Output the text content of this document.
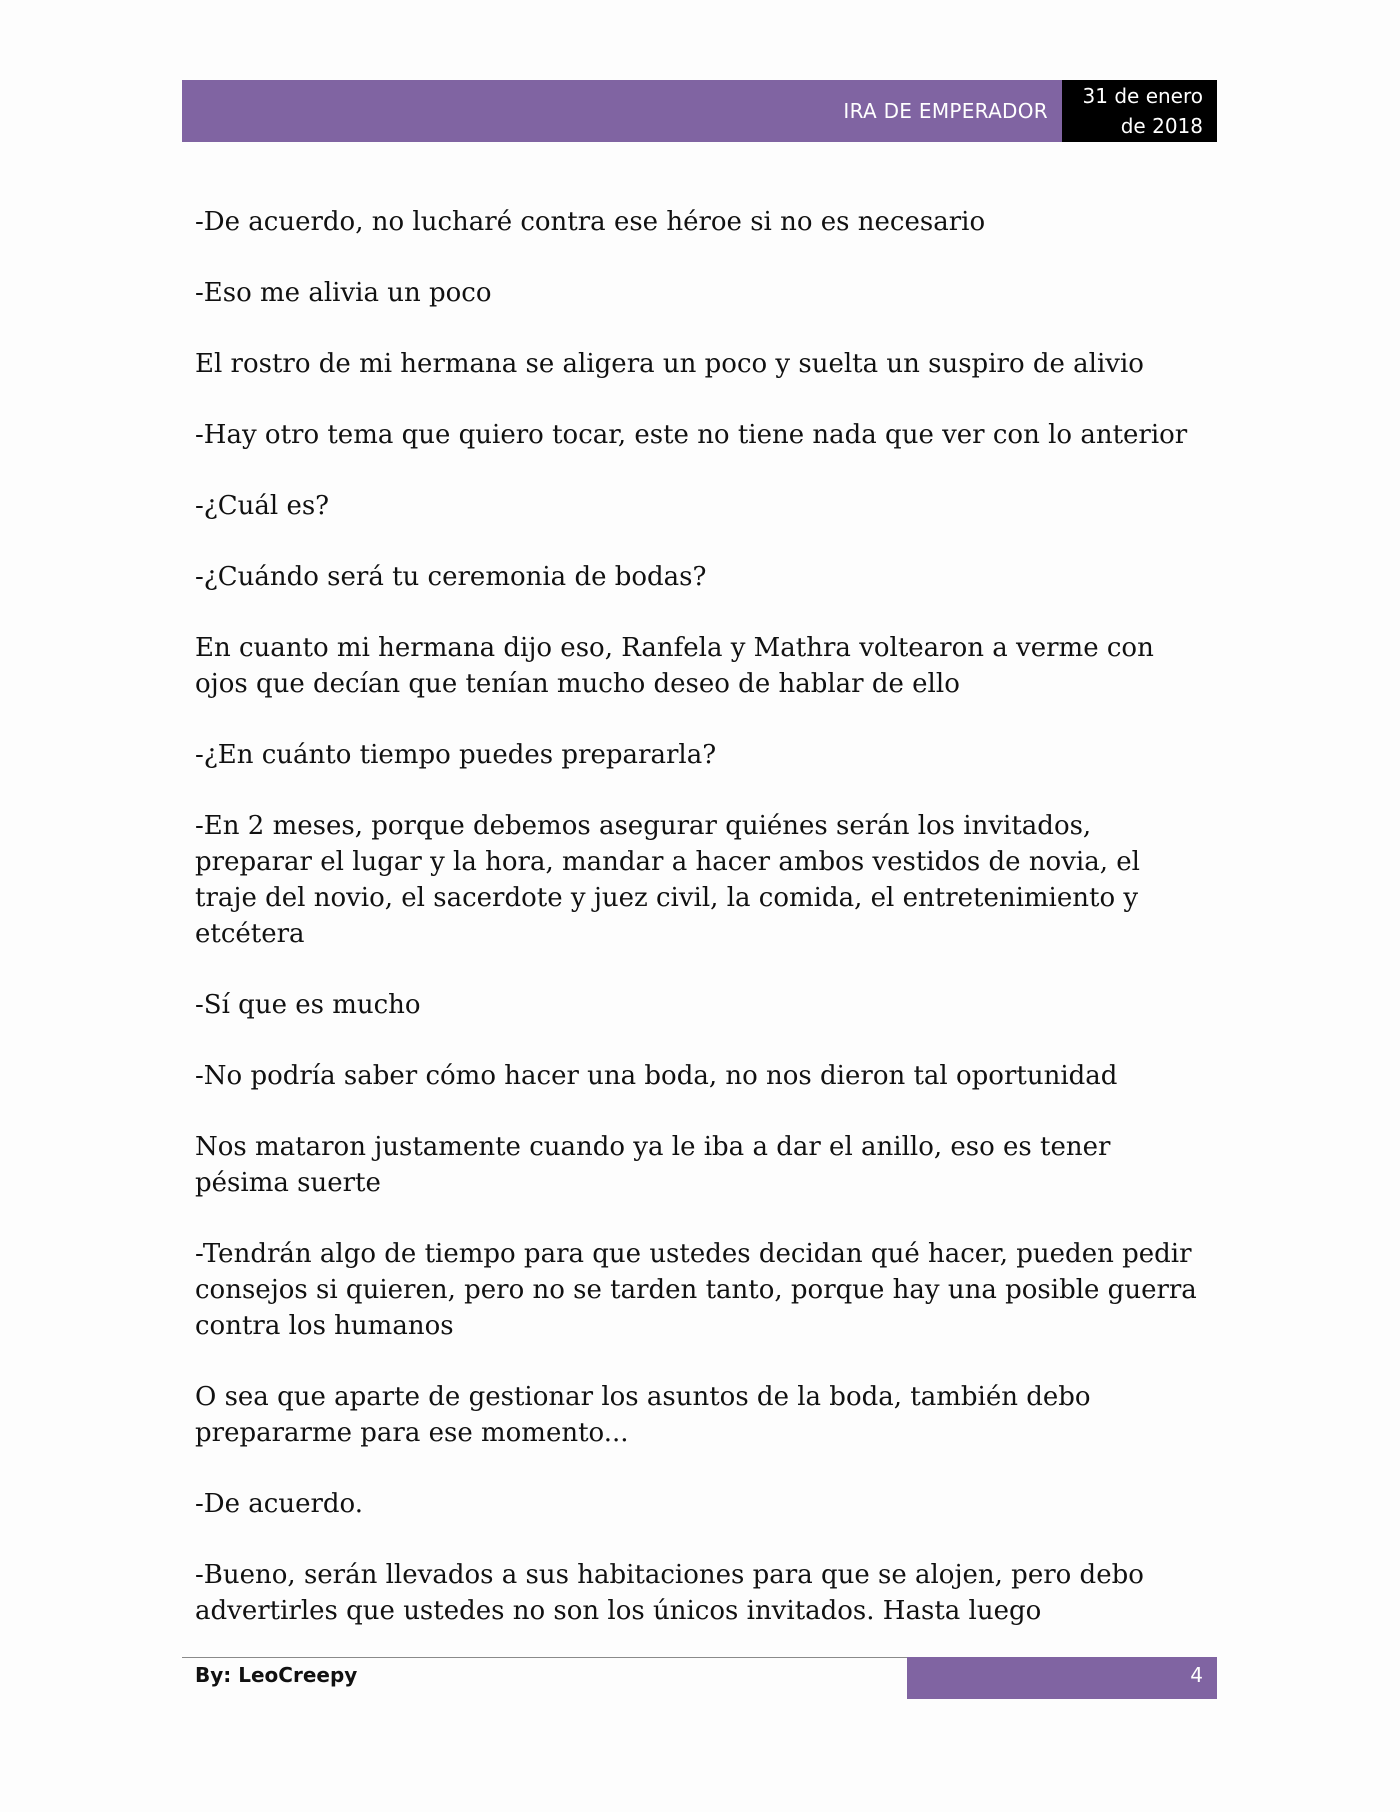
IRA DE EMPERADOR
31 de enero
de 2018

-De acuerdo, no lucharé contra ese héroe si no es necesario

-Eso me alivia un poco

El rostro de mi hermana se aligera un poco y suelta un suspiro de alivio

-Hay otro tema que quiero tocar, este no tiene nada que ver con lo anterior

-¿Cuál es?

-¿Cuándo será tu ceremonia de bodas?

En cuanto mi hermana dijo eso, Ranfela y Mathra voltearon a verme con ojos que decían que tenían mucho deseo de hablar de ello

-¿En cuánto tiempo puedes prepararla?

-En 2 meses, porque debemos asegurar quiénes serán los invitados, preparar el lugar y la hora, mandar a hacer ambos vestidos de novia, el traje del novio, el sacerdote y juez civil, la comida, el entretenimiento y etcétera

-Sí que es mucho

-No podría saber cómo hacer una boda, no nos dieron tal oportunidad

Nos mataron justamente cuando ya le iba a dar el anillo, eso es tener pésima suerte

-Tendrán algo de tiempo para que ustedes decidan qué hacer, pueden pedir consejos si quieren, pero no se tarden tanto, porque hay una posible guerra contra los humanos

O sea que aparte de gestionar los asuntos de la boda, también debo prepararme para ese momento...

-De acuerdo.

-Bueno, serán llevados a sus habitaciones para que se alojen, pero debo advertirles que ustedes no son los únicos invitados. Hasta luego

By: LeoCreepy	4
